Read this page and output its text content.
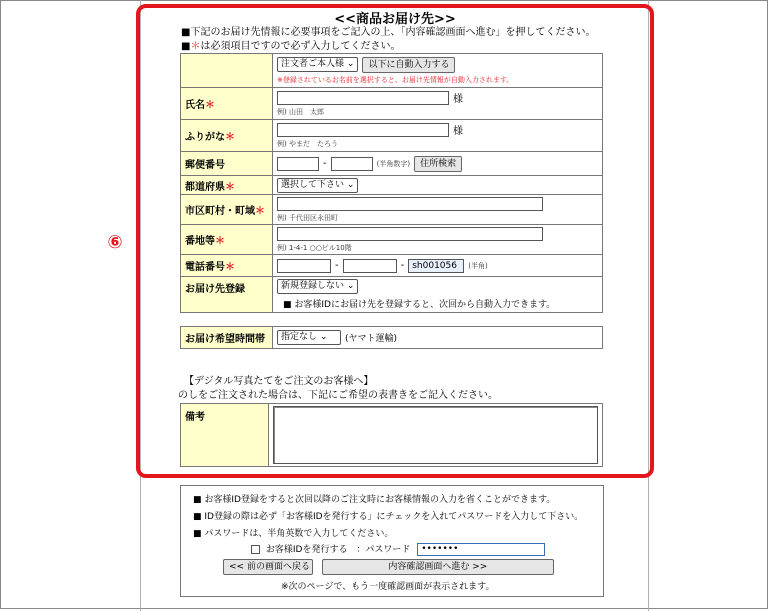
⑥
<<商品お届け先>>
■下記のお届け先情報に必要事項をご記入の上、「内容確認画面へ進む」を押してください。
■＊は必須項目ですので必ず入力してください。

	注文者ご本人様 ⌄ 以下に自動入力する
※登録されているお名前を選択すると、お届け先情報が自動入力されます。

氏名＊	様
例) 山田　太郎

ふりがな＊	様
例) やまだ　たろう

郵便番号	- (半角数字) 住所検索

都道府県＊	選択して下さい ⌄
市区町村・町域＊	例) 千代田区永田町

番地等＊	例) 1-4-1 ○○ビル10階

電話番号＊	- - sh001056 (半角)

お届け先登録	新規登録しない ⌄
■ お客様IDにお届け先を登録すると、次回から自動入力できます。
お届け希望時間帯	指定なし ⌄	(ヤマト運輸)
【デジタル写真たてをご注文のお客様へ】
のしをご注文された場合は、下記にご希望の表書きをご記入ください。
備考	
■ お客様ID登録をすると次回以降のご注文時にお客様情報の入力を省くことができます。
■ ID登録の際は必ず「お客様IDを発行する」にチェックを入れてパスワードを入力して下さい。
■ パスワードは、半角英数で入力してください。
お客様IDを発行する ：パスワード •••••••
<< 前の画面へ戻る	内容確認画面へ進む >>
※次のページで、もう一度確認画面が表示されます。
